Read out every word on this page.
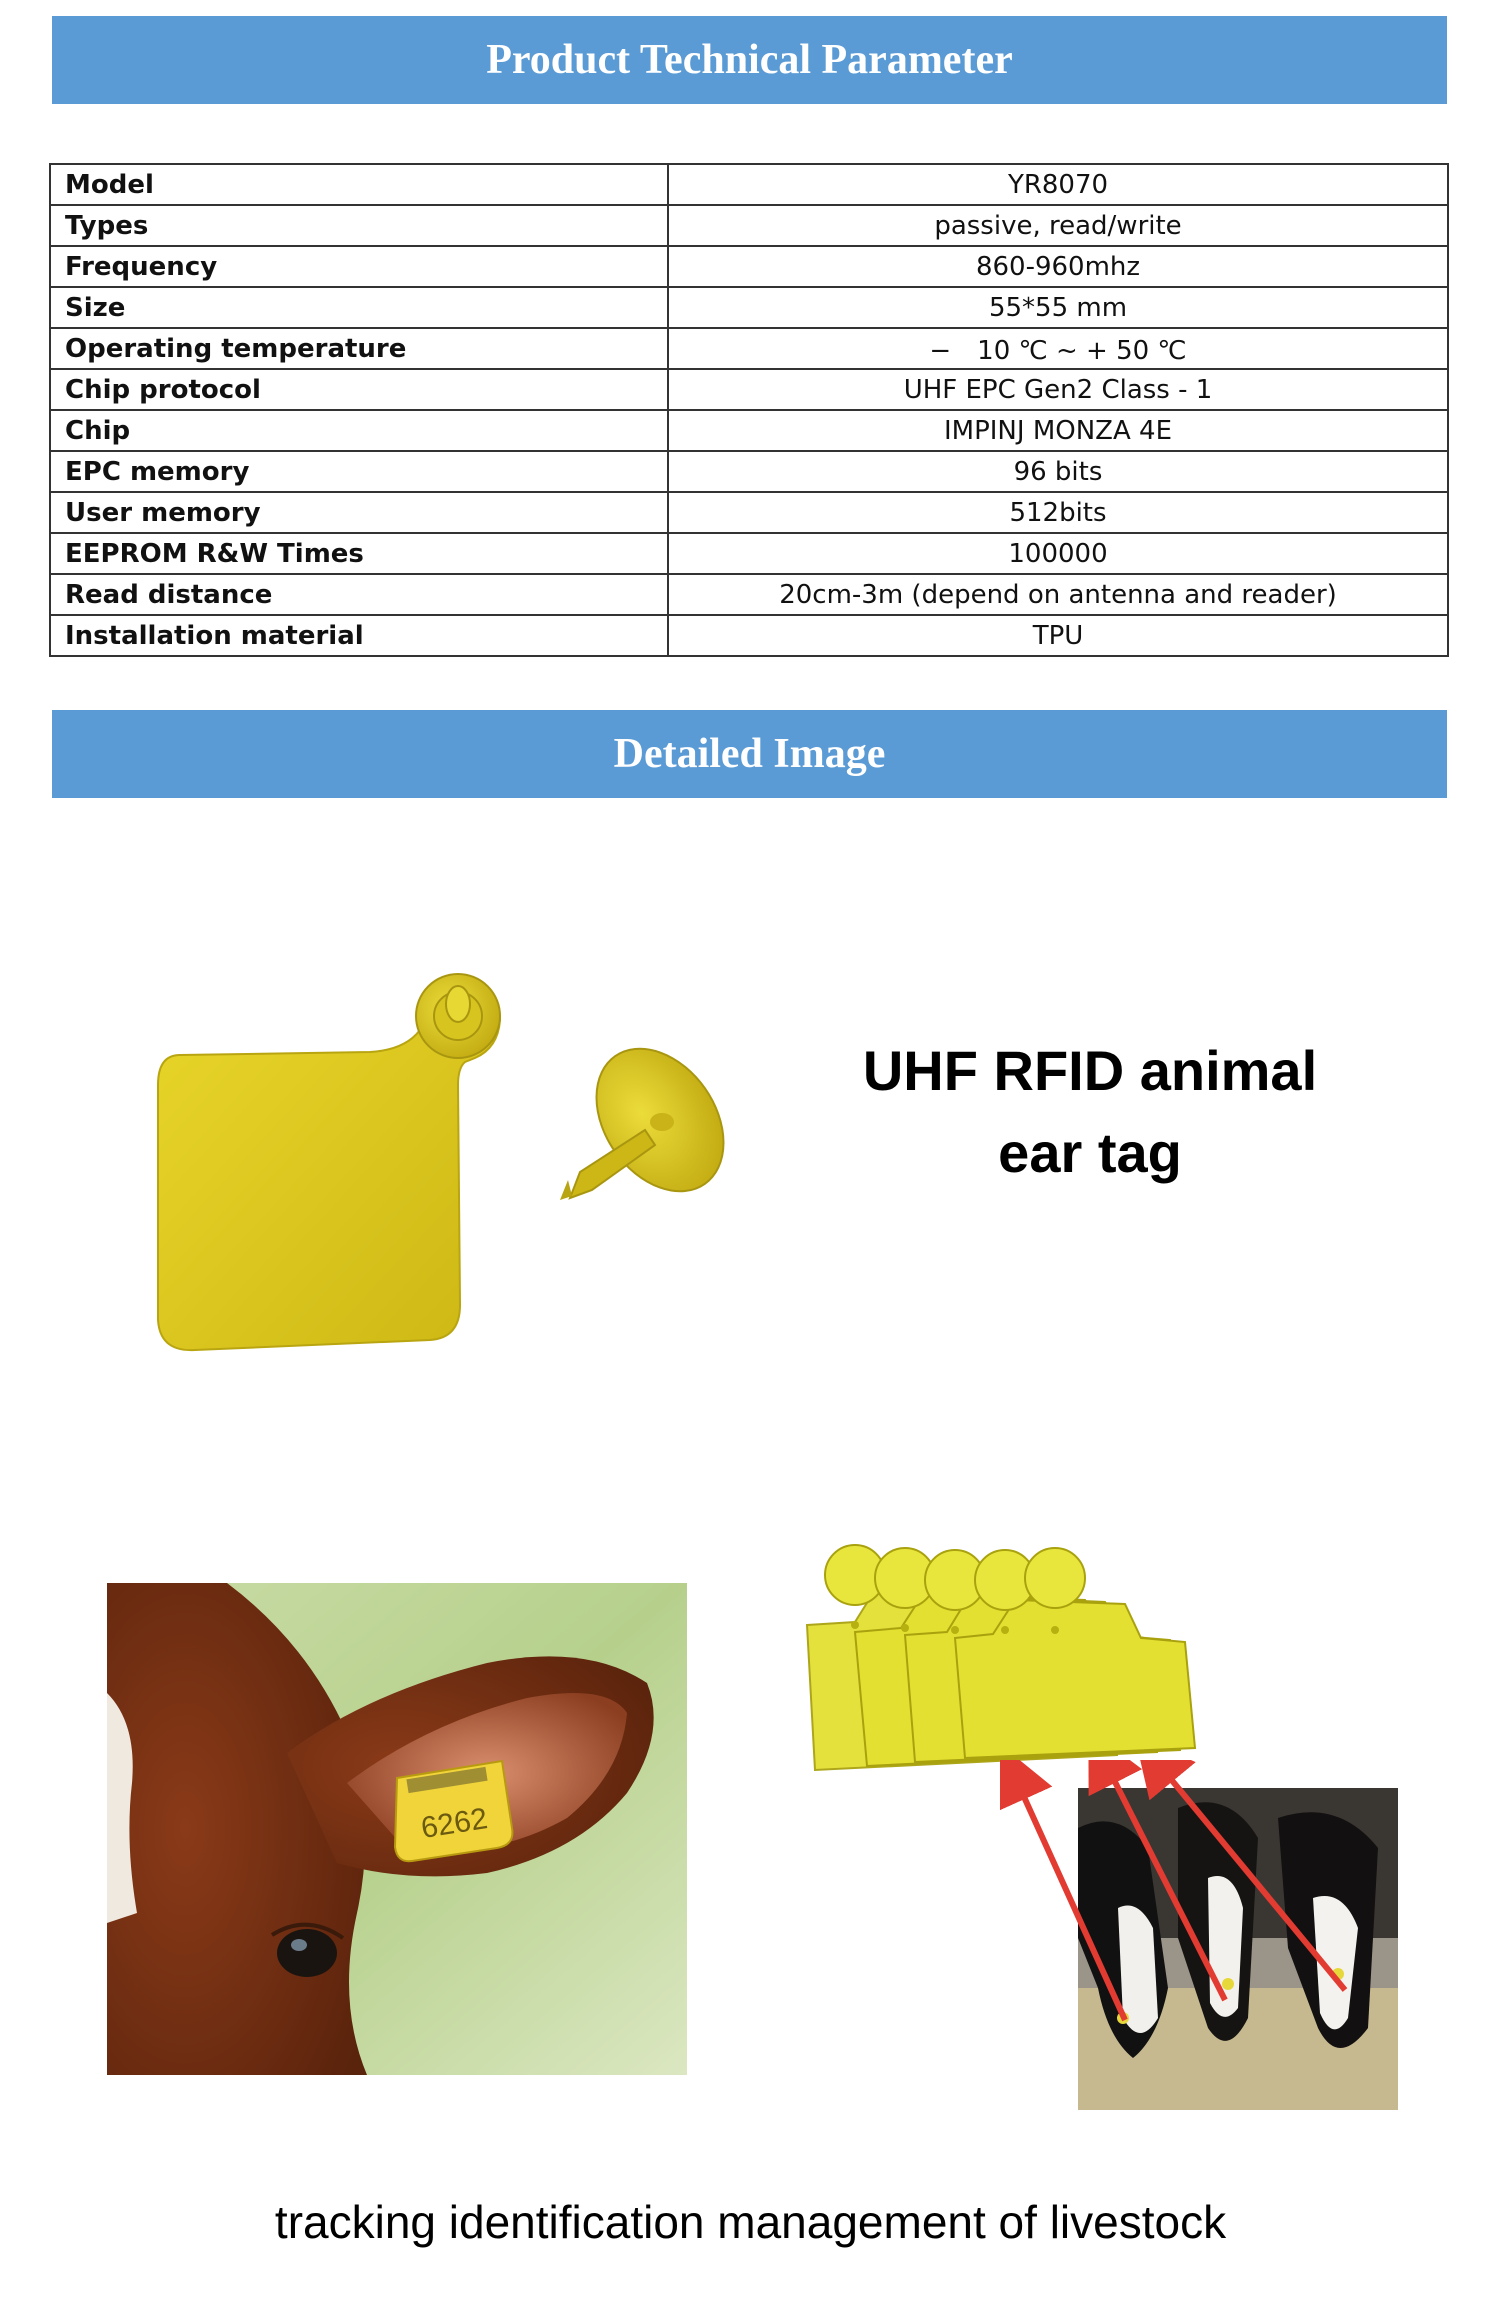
Product Technical Parameter
Model	YR8070
Types	passive, read/write
Frequency	860-960mhz
Size	55*55 mm
Operating temperature	−　10 ℃ ~ + 50 ℃
Chip protocol	UHF EPC Gen2 Class - 1
Chip	IMPINJ MONZA 4E
EPC memory	96 bits
User memory	512bits
EEPROM R&W Times	100000
Read distance	20cm-3m (depend on antenna and reader)
Installation material	TPU
Detailed Image
UHF RFID animal
ear tag
6262
tracking identification management of livestock
